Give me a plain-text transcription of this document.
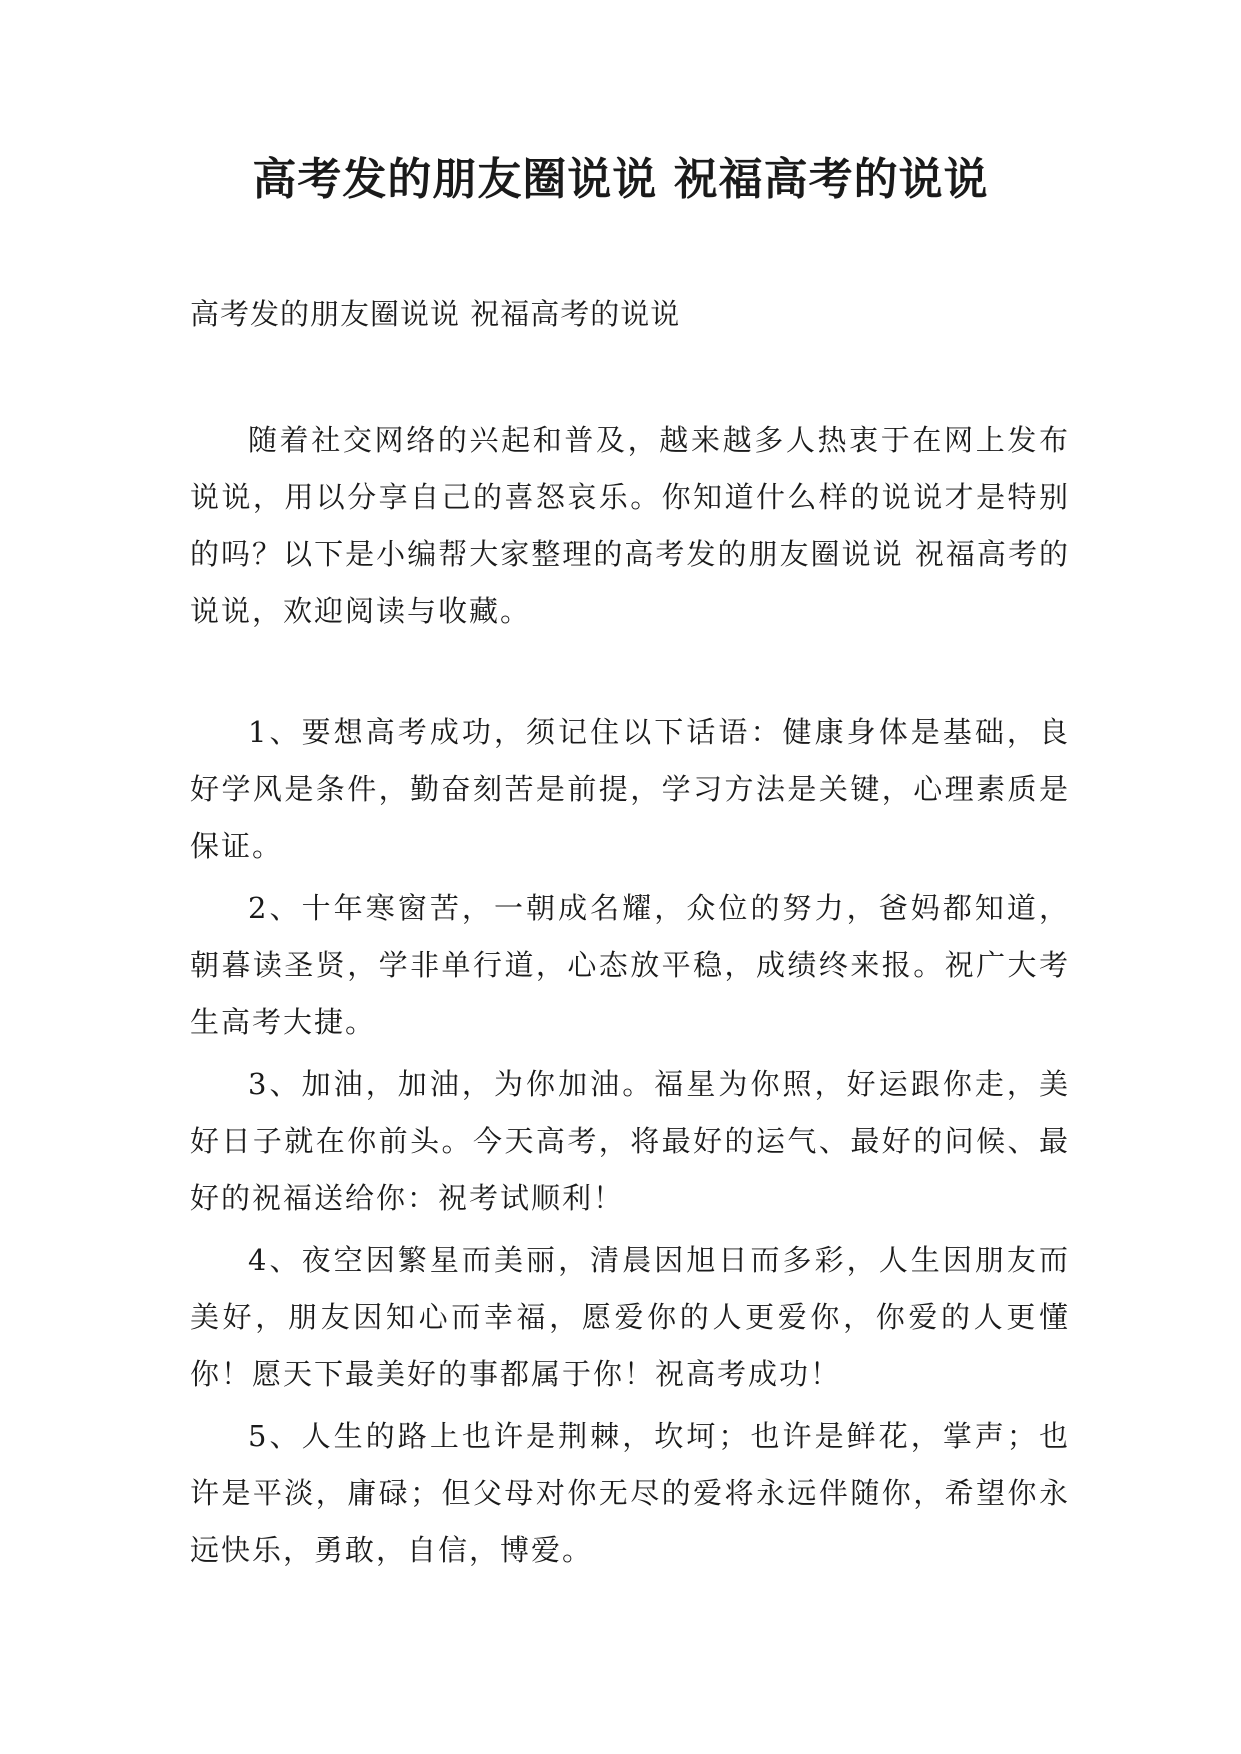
高考发的朋友圈说说 祝福高考的说说

高考发的朋友圈说说 祝福高考的说说

随着社交网络的兴起和普及，越来越多人热衷于在网上发布说说，用以分享自己的喜怒哀乐。你知道什么样的说说才是特别的吗？以下是小编帮大家整理的高考发的朋友圈说说 祝福高考的说说，欢迎阅读与收藏。

1、要想高考成功，须记住以下话语：健康身体是基础，良好学风是条件，勤奋刻苦是前提，学习方法是关键，心理素质是保证。

2、十年寒窗苦，一朝成名耀，众位的努力，爸妈都知道，朝暮读圣贤，学非单行道，心态放平稳，成绩终来报。祝广大考生高考大捷。

3、加油，加油，为你加油。福星为你照，好运跟你走，美好日子就在你前头。今天高考，将最好的运气、最好的问候、最好的祝福送给你：祝考试顺利！

4、夜空因繁星而美丽，清晨因旭日而多彩，人生因朋友而美好，朋友因知心而幸福，愿爱你的人更爱你，你爱的人更懂你！愿天下最美好的事都属于你！祝高考成功！

5、人生的路上也许是荆棘，坎坷；也许是鲜花，掌声；也许是平淡，庸碌；但父母对你无尽的爱将永远伴随你，希望你永远快乐，勇敢，自信，博爱。
